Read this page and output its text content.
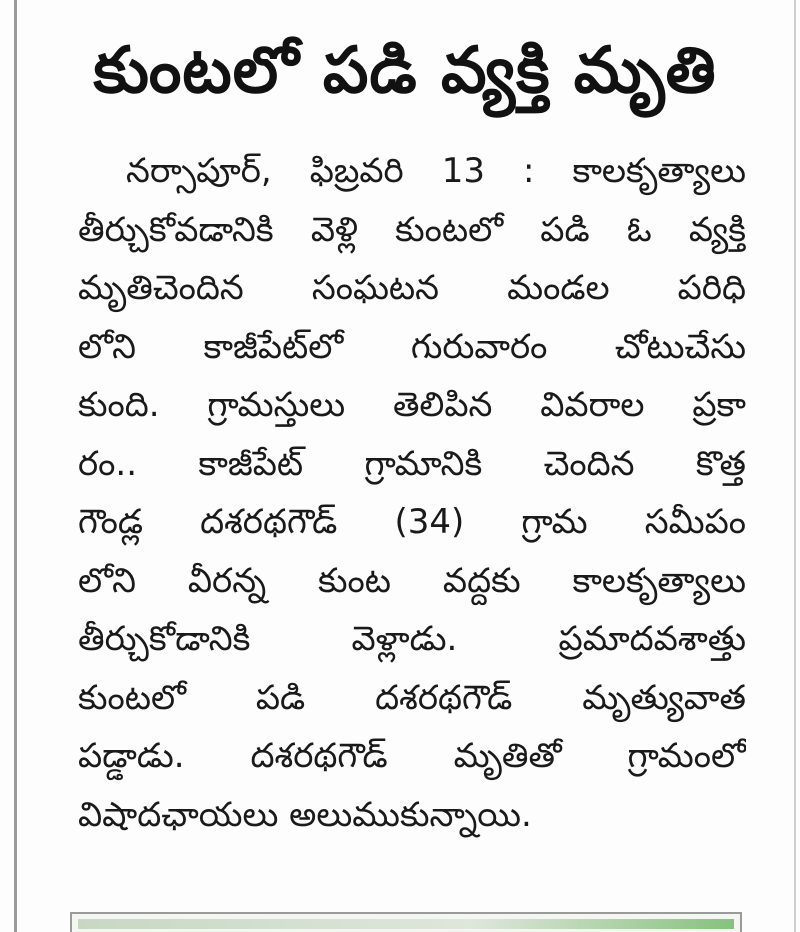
కుంటలో పడి వ్యక్తి మృతి
నర్సాపూర్, ఫిబ్రవరి 13 : కాలకృత్యాలు
తీర్చుకోవడానికి వెళ్లి కుంటలో పడి ఓ వ్యక్తి
మృతిచెందిన సంఘటన మండల పరిధి
లోని కాజీపేట్‌లో గురువారం చోటుచేసు
కుంది. గ్రామస్తులు తెలిపిన వివరాల ప్రకా
రం.. కాజీపేట్ గ్రామానికి చెందిన కొత్త
గౌండ్ల దశరథగౌడ్ (34) గ్రామ సమీపం
లోని వీరన్న కుంట వద్దకు కాలకృత్యాలు
తీర్చుకోడానికి వెళ్లాడు. ప్రమాదవశాత్తు
కుంటలో పడి దశరథగౌడ్ మృత్యువాత
పడ్డాడు. దశరథగౌడ్ మృతితో గ్రామంలో
విషాదఛాయలు అలుముకున్నాయి.
